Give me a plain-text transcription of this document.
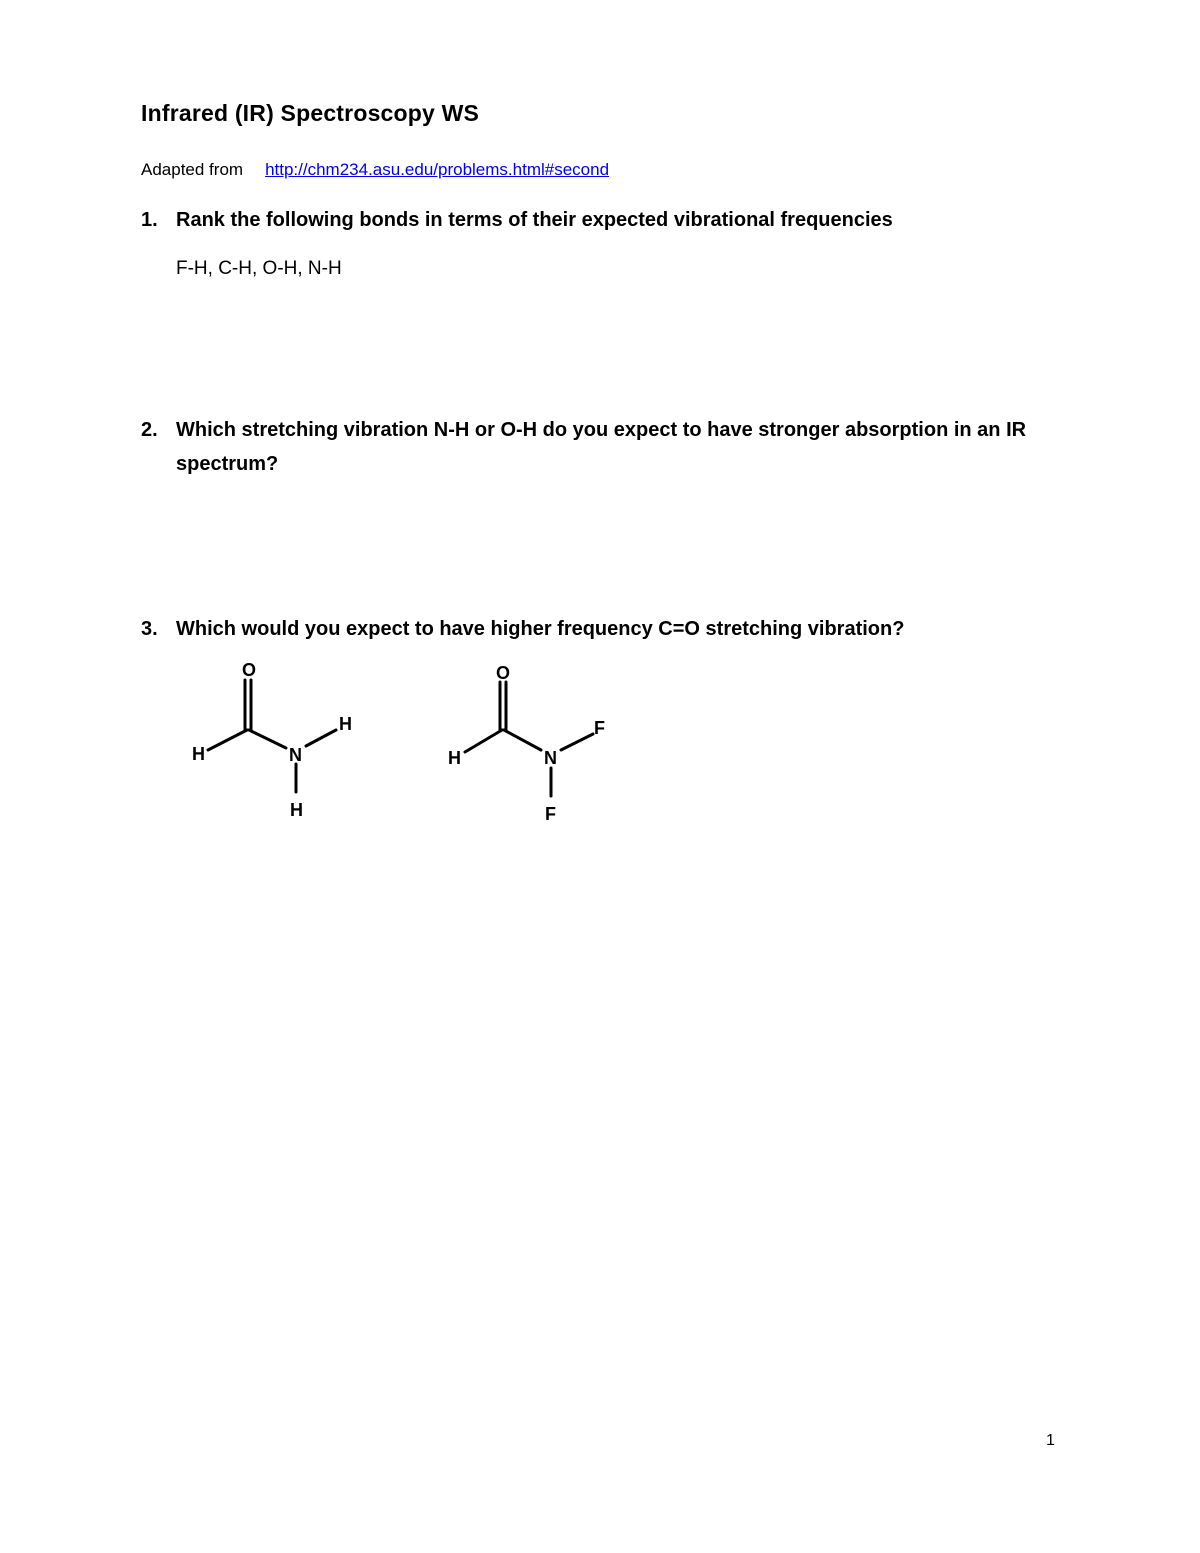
Infrared (IR) Spectroscopy WS
Adapted from http://chm234.asu.edu/problems.html#second
1. Rank the following bonds in terms of their expected vibrational frequencies
F-H, C-H, O-H, N-H
2. Which stretching vibration N-H or O-H do you expect to have stronger absorption in an IR spectrum?
3. Which would you expect to have higher frequency C=O stretching vibration?
O
H	N
H
H
O
H	N
F
F
1
